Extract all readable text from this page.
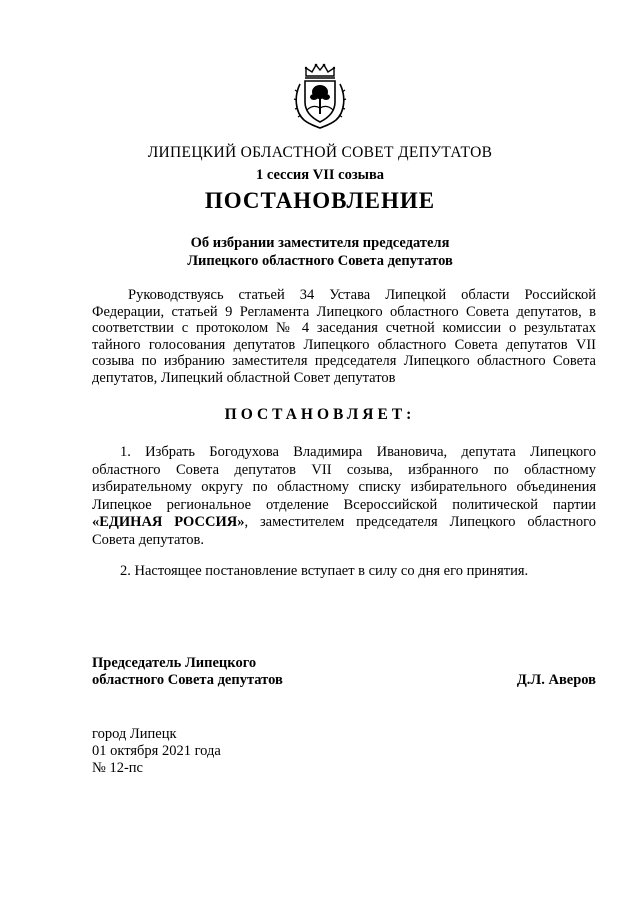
ЛИПЕЦКИЙ ОБЛАСТНОЙ СОВЕТ ДЕПУТАТОВ
1 сессия VII созыва
ПОСТАНОВЛЕНИЕ
Об избрании заместителя председателя
Липецкого областного Совета депутатов

Руководствуясь статьей 34 Устава Липецкой области Российской Федерации, статьей 9 Регламента Липецкого областного Совета депутатов, в соответствии с протоколом № 4 заседания счетной комиссии о результатах тайного голосования депутатов Липецкого областного Совета депутатов VII созыва по избранию заместителя председателя Липецкого областного Совета депутатов, Липецкий областной Совет депутатов

ПОСТАНОВЛЯЕТ:

1. Избрать Богодухова Владимира Ивановича, депутата Липецкого областного Совета депутатов VII созыва, избранного по областному избирательному округу по областному списку избирательного объединения Липецкое региональное отделение Всероссийской политической партии «ЕДИНАЯ РОССИЯ», заместителем председателя Липецкого областного Совета депутатов.

2. Настоящее постановление вступает в силу со дня его принятия.

Председатель Липецкого
областного Совета депутатов	Д.Л. Аверов
город Липецк
01 октября 2021 года
№ 12-пс
